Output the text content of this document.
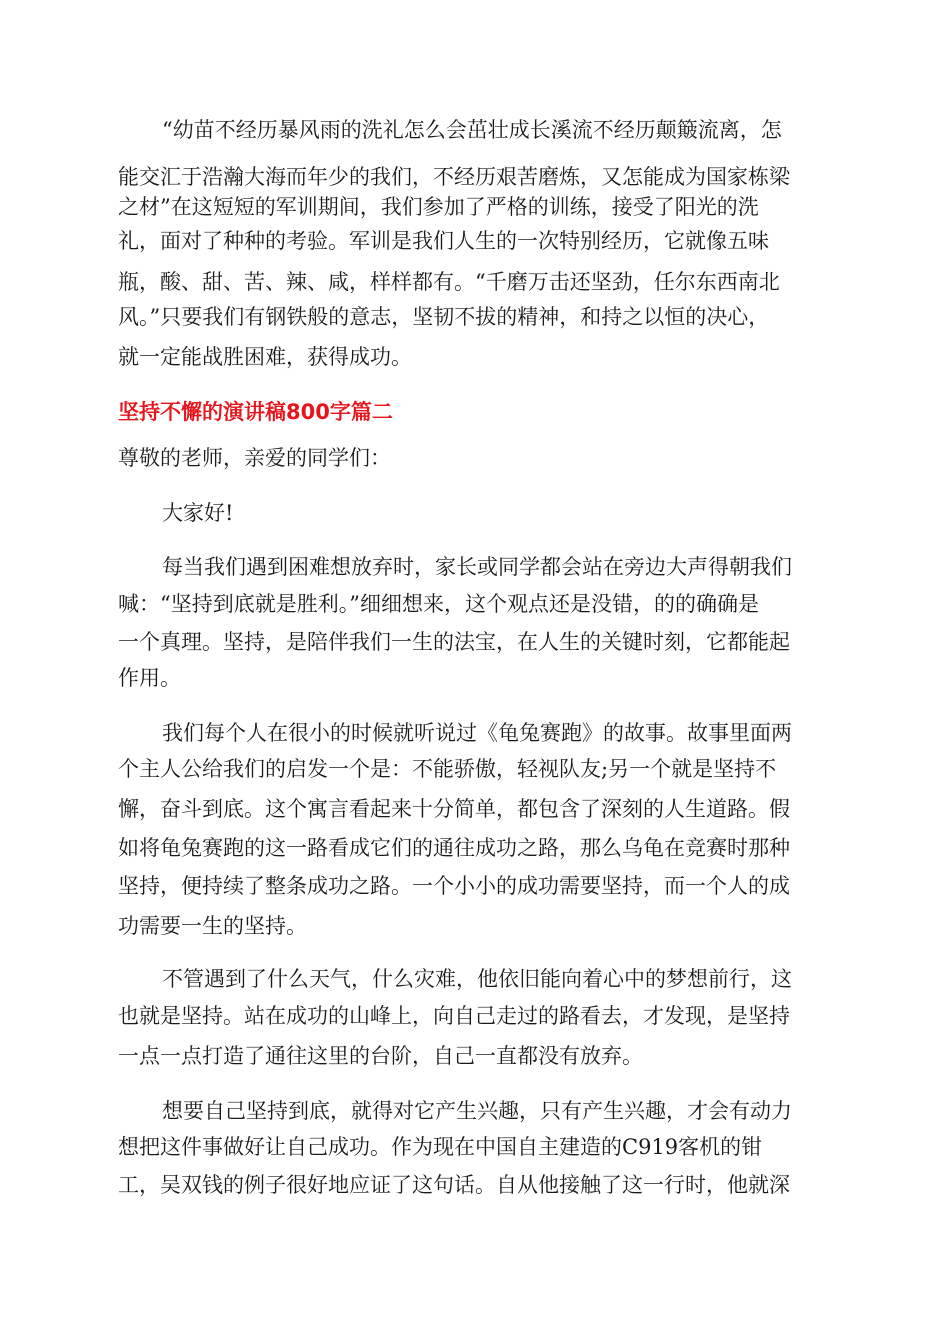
“幼苗不经历暴风雨的洗礼怎么会茁壮成长溪流不经历颠簸流离，怎
能交汇于浩瀚大海而年少的我们，不经历艰苦磨炼，又怎能成为国家栋梁
之材”在这短短的军训期间，我们参加了严格的训练，接受了阳光的洗
礼，面对了种种的考验。军训是我们人生的一次特别经历，它就像五味
瓶，酸、甜、苦、辣、咸，样样都有。“千磨万击还坚劲，任尔东西南北
风。”只要我们有钢铁般的意志，坚韧不拔的精神，和持之以恒的决心，
就一定能战胜困难，获得成功。
坚持不懈的演讲稿800字篇二
尊敬的老师，亲爱的同学们：
大家好!
每当我们遇到困难想放弃时，家长或同学都会站在旁边大声得朝我们
喊：“坚持到底就是胜利。”细细想来，这个观点还是没错，的的确确是
一个真理。坚持，是陪伴我们一生的法宝，在人生的关键时刻，它都能起
作用。
我们每个人在很小的时候就听说过《龟兔赛跑》的故事。故事里面两
个主人公给我们的启发一个是：不能骄傲，轻视队友;另一个就是坚持不
懈，奋斗到底。这个寓言看起来十分简单，都包含了深刻的人生道路。假
如将龟兔赛跑的这一路看成它们的通往成功之路，那么乌龟在竞赛时那种
坚持，便持续了整条成功之路。一个小小的成功需要坚持，而一个人的成
功需要一生的坚持。
不管遇到了什么天气，什么灾难，他依旧能向着心中的梦想前行，这
也就是坚持。站在成功的山峰上，向自己走过的路看去，才发现，是坚持
一点一点打造了通往这里的台阶，自己一直都没有放弃。
想要自己坚持到底，就得对它产生兴趣，只有产生兴趣，才会有动力
想把这件事做好让自己成功。作为现在中国自主建造的C919客机的钳
工，吴双钱的例子很好地应证了这句话。自从他接触了这一行时，他就深
